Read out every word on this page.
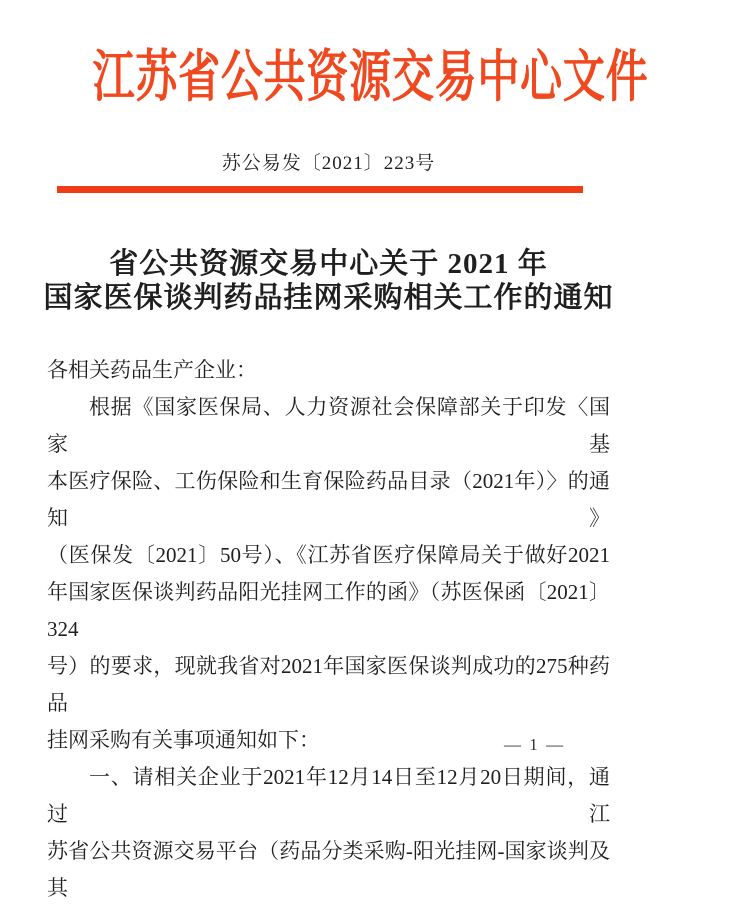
江苏省公共资源交易中心文件
苏公易发〔2021〕223号
省公共资源交易中心关于 2021 年
国家医保谈判药品挂网采购相关工作的通知
各相关药品生产企业：
根据《国家医保局、人力资源社会保障部关于印发〈国家基
本医疗保险、工伤保险和生育保险药品目录（2021年）〉的通知》
（医保发〔2021〕50号）、《江苏省医疗保障局关于做好2021
年国家医保谈判药品阳光挂网工作的函》（苏医保函〔2021〕324
号）的要求，现就我省对2021年国家医保谈判成功的275种药品
挂网采购有关事项通知如下：
一、请相关企业于2021年12月14日至12月20日期间，通过江
苏省公共资源交易平台（药品分类采购-阳光挂网-国家谈判及其
— 1 —
